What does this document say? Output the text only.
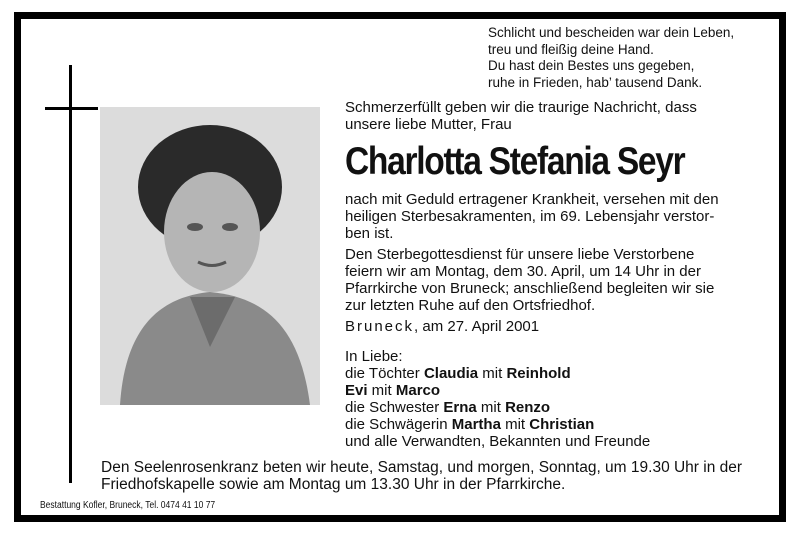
Schlicht und bescheiden war dein Leben,
treu und fleißig deine Hand.
Du hast dein Bestes uns gegeben,
ruhe in Frieden, hab’ tausend Dank.
Schmerzerfüllt geben wir die traurige Nachricht, dass
unsere liebe Mutter, Frau
Charlotta Stefania Seyr
nach mit Geduld ertragener Krankheit, versehen mit den
heiligen Sterbesakramenten, im 69. Lebensjahr verstor-
ben ist.
Den Sterbegottesdienst für unsere liebe Verstorbene
feiern wir am Montag, dem 30. April, um 14 Uhr in der
Pfarrkirche von Bruneck; anschließend begleiten wir sie
zur letzten Ruhe auf den Ortsfriedhof.
Bruneck, am 27. April 2001
In Liebe:
die Töchter Claudia mit Reinhold
Evi mit Marco
die Schwester Erna mit Renzo
die Schwägerin Martha mit Christian
und alle Verwandten, Bekannten und Freunde
Den Seelenrosenkranz beten wir heute, Samstag, und morgen, Sonntag, um 19.30 Uhr in der
Friedhofskapelle sowie am Montag um 13.30 Uhr in der Pfarrkirche.
Bestattung Kofler, Bruneck, Tel. 0474 41 10 77
